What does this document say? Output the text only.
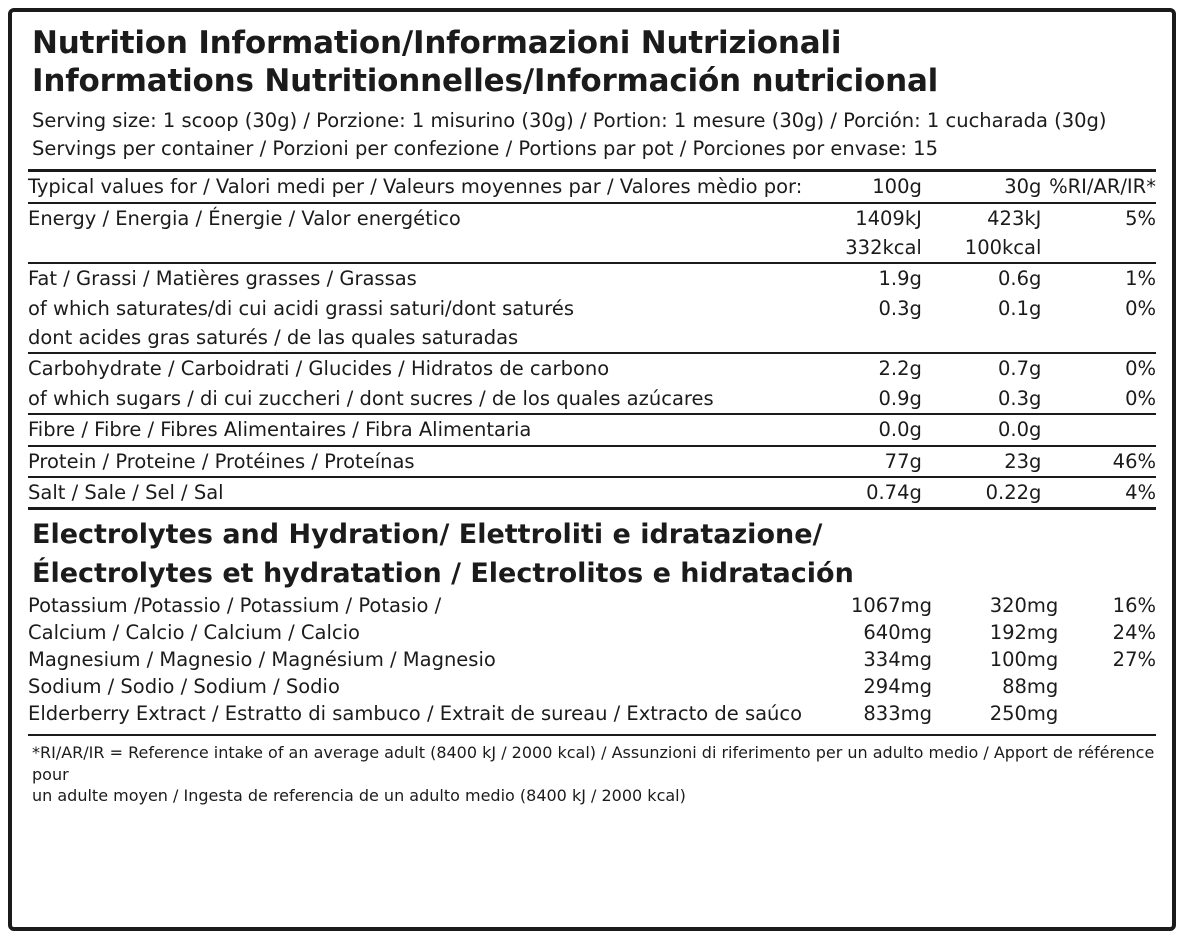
Nutrition Information/Informazioni Nutrizionali
Informations Nutritionnelles/Información nutricional
Serving size: 1 scoop (30g) / Porzione: 1 misurino (30g) / Portion: 1 mesure (30g) / Porción: 1 cucharada (30g)
Servings per container / Porzioni per confezione / Portions par pot / Porciones por envase: 15
Typical values for / Valori medi per / Valeurs moyennes par / Valores mèdio por:	100g	30g	%RI/AR/IR*
Energy / Energia / Énergie / Valor energético	1409kJ	423kJ	5%
	332kcal	100kcal	
Fat / Grassi / Matières grasses / Grassas	1.9g	0.6g	1%
of which saturates/di cui acidi grassi saturi/dont saturés	0.3g	0.1g	0%
dont acides gras saturés / de las quales saturadas			
Carbohydrate / Carboidrati / Glucides / Hidratos de carbono	2.2g	0.7g	0%
of which sugars / di cui zuccheri / dont sucres / de los quales azúcares	0.9g	0.3g	0%
Fibre / Fibre / Fibres Alimentaires / Fibra Alimentaria	0.0g	0.0g	
Protein / Proteine / Protéines / Proteínas	77g	23g	46%
Salt / Sale / Sel / Sal	0.74g	0.22g	4%
Electrolytes and Hydration/ Elettroliti e idratazione/
Électrolytes et hydratation / Electrolitos e hidratación
Potassium /Potassio / Potassium / Potasio /	1067mg	320mg	16%
Calcium / Calcio / Calcium / Calcio	640mg	192mg	24%
Magnesium / Magnesio / Magnésium / Magnesio	334mg	100mg	27%
Sodium / Sodio / Sodium / Sodio	294mg	88mg	
Elderberry Extract / Estratto di sambuco / Extrait de sureau / Extracto de saúco	833mg	250mg	
*RI/AR/IR = Reference intake of an average adult (8400 kJ / 2000 kcal) / Assunzioni di riferimento per un adulto medio / Apport de référence pour
un adulte moyen / Ingesta de referencia de un adulto medio (8400 kJ / 2000 kcal)
